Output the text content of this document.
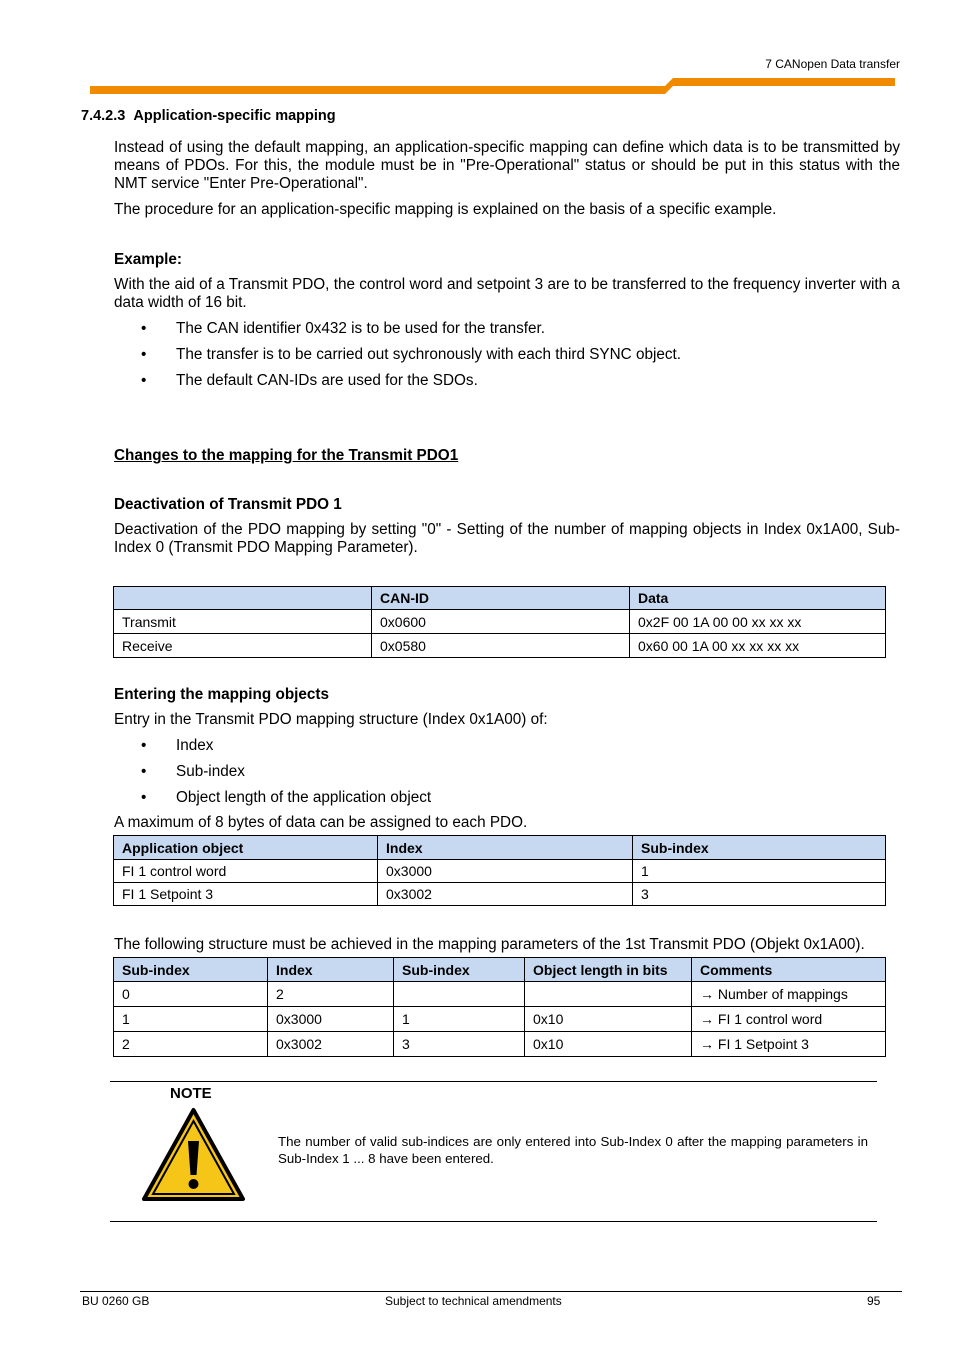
7 CANopen Data transfer
7.4.2.3 Application-specific mapping
Instead of using the default mapping, an application-specific mapping can define which data is to be transmitted by means of PDOs. For this, the module must be in "Pre-Operational" status or should be put in this status with the NMT service "Enter Pre-Operational".
The procedure for an application-specific mapping is explained on the basis of a specific example.
Example:
With the aid of a Transmit PDO, the control word and setpoint 3 are to be transferred to the frequency inverter with a data width of 16 bit.
• The CAN identifier 0x432 is to be used for the transfer.
• The transfer is to be carried out sychronously with each third SYNC object.
• The default CAN-IDs are used for the SDOs.
Changes to the mapping for the Transmit PDO1
Deactivation of Transmit PDO 1
Deactivation of the PDO mapping by setting "0" - Setting of the number of mapping objects in Index 0x1A00, Sub-Index 0 (Transmit PDO Mapping Parameter).
	CAN-ID	Data
Transmit	0x0600	0x2F 00 1A 00 00 xx xx xx
Receive	0x0580	0x60 00 1A 00 xx xx xx xx
Entering the mapping objects
Entry in the Transmit PDO mapping structure (Index 0x1A00) of:
• Index
• Sub-index
• Object length of the application object
A maximum of 8 bytes of data can be assigned to each PDO.
Application object	Index	Sub-index
FI 1 control word	0x3000	1
FI 1 Setpoint 3	0x3002	3
The following structure must be achieved in the mapping parameters of the 1st Transmit PDO (Objekt 0x1A00).
Sub-index	Index	Sub-index	Object length in bits	Comments
0	2			→ Number of mappings
1	0x3000	1	0x10	→ FI 1 control word
2	0x3002	3	0x10	→ FI 1 Setpoint 3
NOTE
The number of valid sub-indices are only entered into Sub-Index 0 after the mapping parameters in Sub-Index 1 ... 8 have been entered.
BU 0260 GB	Subject to technical amendments	95
